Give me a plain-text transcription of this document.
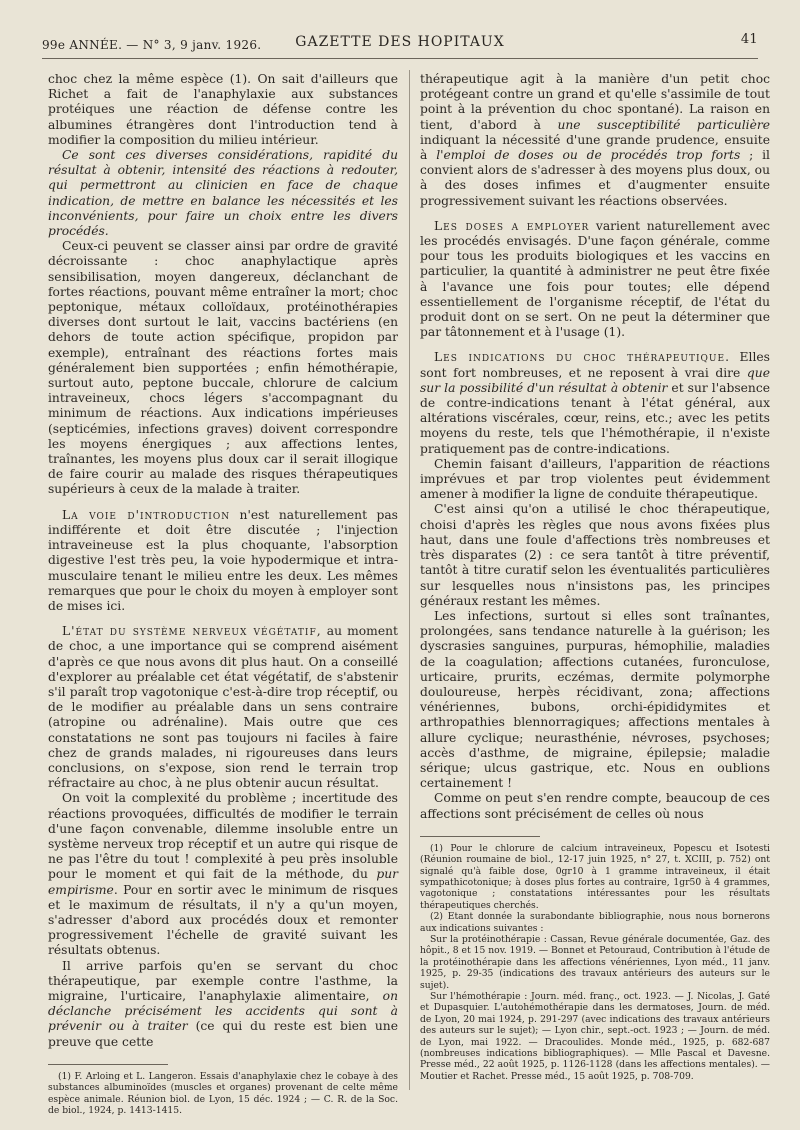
99e ANNÉE. — N° 3, 9 janv. 1926.	GAZETTE DES HOPITAUX	41

choc chez la même espèce (1). On sait d'ailleurs que Richet a fait de l'anaphylaxie aux substances protéiques une réaction de défense contre les albumines étrangères dont l'introduction tend à modifier la composition du milieu intérieur.

Ce sont ces diverses considérations, rapidité du résultat à obtenir, intensité des réactions à redouter, qui permettront au clinicien en face de chaque indication, de mettre en balance les nécessités et les inconvénients, pour faire un choix entre les divers procédés.

Ceux-ci peuvent se classer ainsi par ordre de gravité décroissante : choc anaphylactique après sensibilisation, moyen dangereux, déclanchant de fortes réactions, pouvant même entraîner la mort; choc peptonique, métaux colloïdaux, protéinothérapies diverses dont surtout le lait, vaccins bactériens (en dehors de toute action spécifique, propidon par exemple), entraînant des réactions fortes mais généralement bien supportées ; enfin hémothérapie, surtout auto, peptone buccale, chlorure de calcium intraveineux, chocs légers s'accompagnant du minimum de réactions. Aux indications impérieuses (septicémies, infections graves) doivent correspondre les moyens énergiques ; aux affections lentes, traînantes, les moyens plus doux car il serait illogique de faire courir au malade des risques thérapeutiques supérieurs à ceux de la malade à traiter.

La voie d'introduction n'est naturellement pas indifférente et doit être discutée ; l'injection intraveineuse est la plus choquante, l'absorption digestive l'est très peu, la voie hypodermique et intra-musculaire tenant le milieu entre les deux. Les mêmes remarques que pour le choix du moyen à employer sont de mises ici.

L'état du système nerveux végétatif, au moment de choc, a une importance qui se comprend aisément d'après ce que nous avons dit plus haut. On a conseillé d'explorer au préalable cet état végétatif, de s'abstenir s'il paraît trop vagotonique c'est-à-dire trop réceptif, ou de le modifier au préalable dans un sens contraire (atropine ou adrénaline). Mais outre que ces constatations ne sont pas toujours ni faciles à faire chez de grands malades, ni rigoureuses dans leurs conclusions, on s'expose, sion rend le terrain trop réfractaire au choc, à ne plus obtenir aucun résultat.

On voit la complexité du problème ; incertitude des réactions provoquées, difficultés de modifier le terrain d'une façon convenable, dilemme insoluble entre un système nerveux trop réceptif et un autre qui risque de ne pas l'être du tout ! complexité à peu près insoluble pour le moment et qui fait de la méthode, du pur empirisme. Pour en sortir avec le minimum de risques et le maximum de résultats, il n'y a qu'un moyen, s'adresser d'abord aux procédés doux et remonter progressivement l'échelle de gravité suivant les résultats obtenus.

Il arrive parfois qu'en se servant du choc thérapeutique, par exemple contre l'asthme, la migraine, l'urticaire, l'anaphylaxie alimentaire, on déclanche précisément les accidents qui sont à prévenir ou à traiter (ce qui du reste est bien une preuve que cette

(1) F. Arloing et L. Langeron. Essais d'anaphylaxie chez le cobaye à des substances albuminoïdes (muscles et organes) provenant de celte même espèce animale. Réunion biol. de Lyon, 15 déc. 1924 ; — C. R. de la Soc. de biol., 1924, p. 1413-1415.

thérapeutique agit à la manière d'un petit choc protégeant contre un grand et qu'elle s'assimile de tout point à la prévention du choc spontané). La raison en tient, d'abord à une susceptibilité particulière indiquant la nécessité d'une grande prudence, ensuite à l'emploi de doses ou de procédés trop forts ; il convient alors de s'adresser à des moyens plus doux, ou à des doses infimes et d'augmenter ensuite progressivement suivant les réactions observées.

Les doses a employer varient naturellement avec les procédés envisagés. D'une façon générale, comme pour tous les produits biologiques et les vaccins en particulier, la quantité à administrer ne peut être fixée à l'avance une fois pour toutes; elle dépend essentiellement de l'organisme réceptif, de l'état du produit dont on se sert. On ne peut la déterminer que par tâtonnement et à l'usage (1).

Les indications du choc thérapeutique. Elles sont fort nombreuses, et ne reposent à vrai dire que sur la possibilité d'un résultat à obtenir et sur l'absence de contre-indications tenant à l'état général, aux altérations viscérales, cœur, reins, etc.; avec les petits moyens du reste, tels que l'hémothérapie, il n'existe pratiquement pas de contre-indications.

Chemin faisant d'ailleurs, l'apparition de réactions imprévues et par trop violentes peut évidemment amener à modifier la ligne de conduite thérapeutique.

C'est ainsi qu'on a utilisé le choc thérapeutique, choisi d'après les règles que nous avons fixées plus haut, dans une foule d'affections très nombreuses et très disparates (2) : ce sera tantôt à titre préventif, tantôt à titre curatif selon les éventualités particulières sur lesquelles nous n'insistons pas, les principes généraux restant les mêmes.

Les infections, surtout si elles sont traînantes, prolongées, sans tendance naturelle à la guérison; les dyscrasies sanguines, purpuras, hémophilie, maladies de la coagulation; affections cutanées, furonculose, urticaire, prurits, eczémas, dermite polymorphe douloureuse, herpès récidivant, zona; affections vénériennes, bubons, orchi-épididymites et arthropathies blennorragiques; affections mentales à allure cyclique; neurasthénie, névroses, psychoses; accès d'asthme, de migraine, épilepsie; maladie sérique; ulcus gastrique, etc. Nous en oublions certainement !

Comme on peut s'en rendre compte, beaucoup de ces affections sont précisément de celles où nous

(1) Pour le chlorure de calcium intraveineux, Popescu et Isotesti (Réunion roumaine de biol., 12-17 juin 1925, n° 27, t. XCIII, p. 752) ont signalé qu'à faible dose, 0gr10 à 1 gramme intraveineux, il était sympathicotonique; à doses plus fortes au contraire, 1gr50 à 4 grammes, vagotonique ; constatations intéressantes pour les résultats thérapeutiques cherchés.

(2) Etant donnée la surabondante bibliographie, nous nous bornerons aux indications suivantes :

Sur la protéinothérapie : Cassan, Revue générale documentée, Gaz. des hôpit., 8 et 15 nov. 1919. — Bonnet et Petouraud, Contribution à l'étude de la protéinothérapie dans les affections vénériennes, Lyon méd., 11 janv. 1925, p. 29-35 (indications des travaux antérieurs des auteurs sur le sujet).

Sur l'hémothérapie : Journ. méd. franç., oct. 1923. — J. Nicolas, J. Gaté et Dupasquier. L'autohémothérapie dans les dermatoses, Journ. de méd. de Lyon, 20 mai 1924, p. 291-297 (avec indications des travaux antérieurs des auteurs sur le sujet); — Lyon chir., sept.-oct. 1923 ; — Journ. de méd. de Lyon, mai 1922. — Dracoulides. Monde méd., 1925, p. 682-687 (nombreuses indications bibliographiques). — Mlle Pascal et Davesne. Presse méd., 22 août 1925, p. 1126-1128 (dans les affections mentales). — Moutier et Rachet. Presse méd., 15 août 1925, p. 708-709.
